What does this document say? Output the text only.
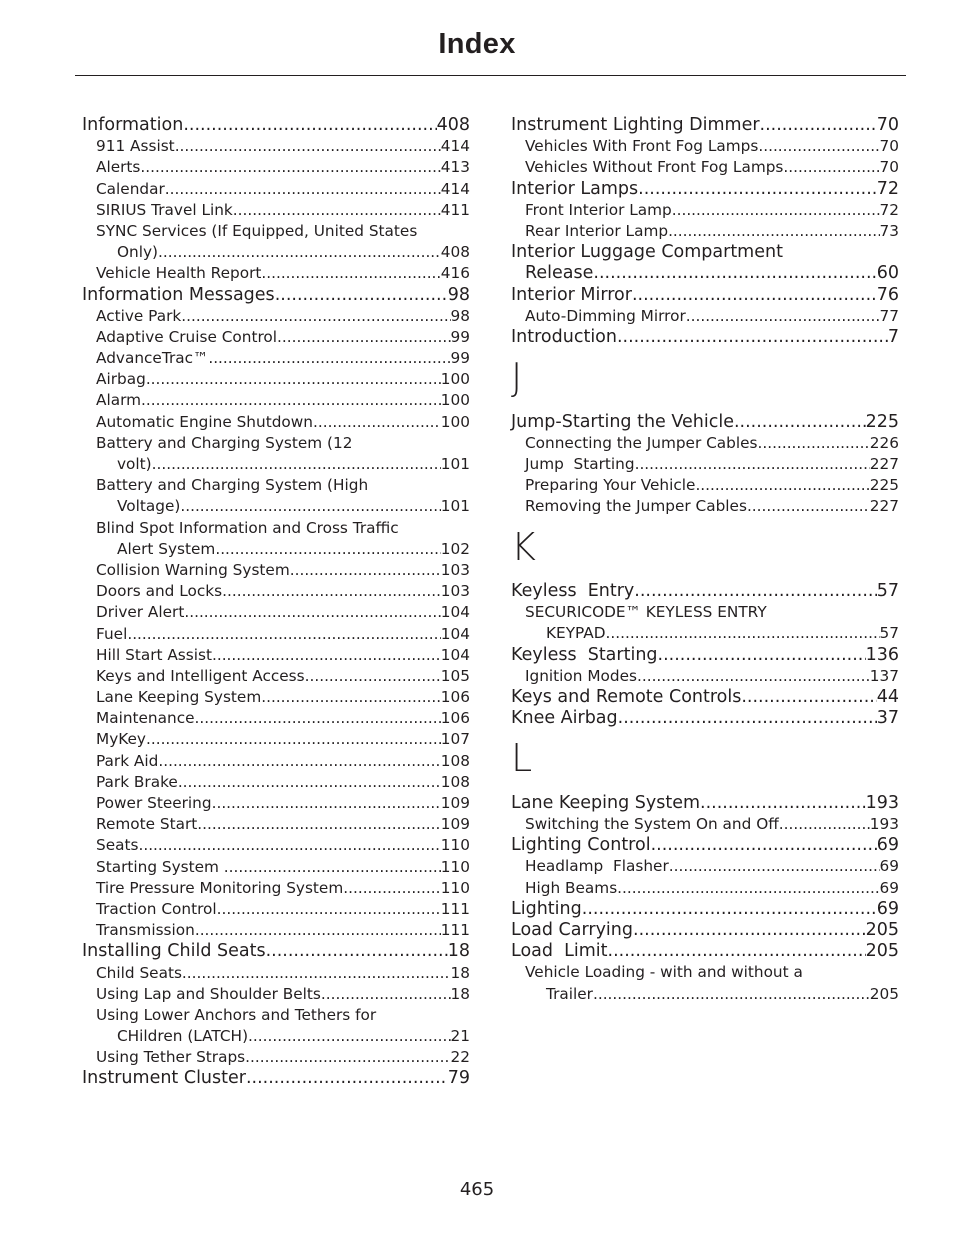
Index
Information .....	408
911 Assist .....	414
Alerts .....	413
Calendar .....	414
SIRIUS Travel Link .....	411
SYNC Services (If Equipped, United States
Only) .....	408
Vehicle Health Report .....	416
Information Messages .....	98
Active Park .....	98
Adaptive Cruise Control .....	99
AdvanceTrac™ .....	99
Airbag .....	100
Alarm .....	100
Automatic Engine Shutdown .....	100
Battery and Charging System (12
volt) .....	101
Battery and Charging System (High
Voltage) .....	101
Blind Spot Information and Cross Traffic
Alert System .....	102
Collision Warning System .....	103
Doors and Locks .....	103
Driver Alert .....	104
Fuel .....	104
Hill Start Assist .....	104
Keys and Intelligent Access .....	105
Lane Keeping System .....	106
Maintenance .....	106
MyKey .....	107
Park Aid .....	108
Park Brake .....	108
Power Steering .....	109
Remote Start .....	109
Seats .....	110
Starting System .....	110
Tire Pressure Monitoring System .....	110
Traction Control .....	111
Transmission .....	111
Installing Child Seats .....	18
Child Seats .....	18
Using Lap and Shoulder Belts .....	18
Using Lower Anchors and Tethers for
CHildren (LATCH) .....	21
Using Tether Straps .....	22
Instrument Cluster .....	79
Instrument Lighting Dimmer .....	70
Vehicles With Front Fog Lamps .....	70
Vehicles Without Front Fog Lamps .....	70
Interior Lamps .....	72
Front Interior Lamp .....	72
Rear Interior Lamp .....	73
Interior Luggage Compartment
Release .....	60
Interior Mirror .....	76
Auto-Dimming Mirror .....	77
Introduction .....	7
J
Jump-Starting the Vehicle .....	225
Connecting the Jumper Cables .....	226
Jump  Starting .....	227
Preparing Your Vehicle .....	225
Removing the Jumper Cables .....	227
K
Keyless  Entry .....	57
SECURICODE™ KEYLESS ENTRY
KEYPAD .....	57
Keyless  Starting .....	136
Ignition Modes .....	137
Keys and Remote Controls .....	44
Knee Airbag .....	37
L
Lane Keeping System .....	193
Switching the System On and Off .....	193
Lighting Control .....	69
Headlamp  Flasher .....	69
High Beams .....	69
Lighting .....	69
Load Carrying .....	205
Load  Limit .....	205
Vehicle Loading - with and without a
Trailer .....	205

465
